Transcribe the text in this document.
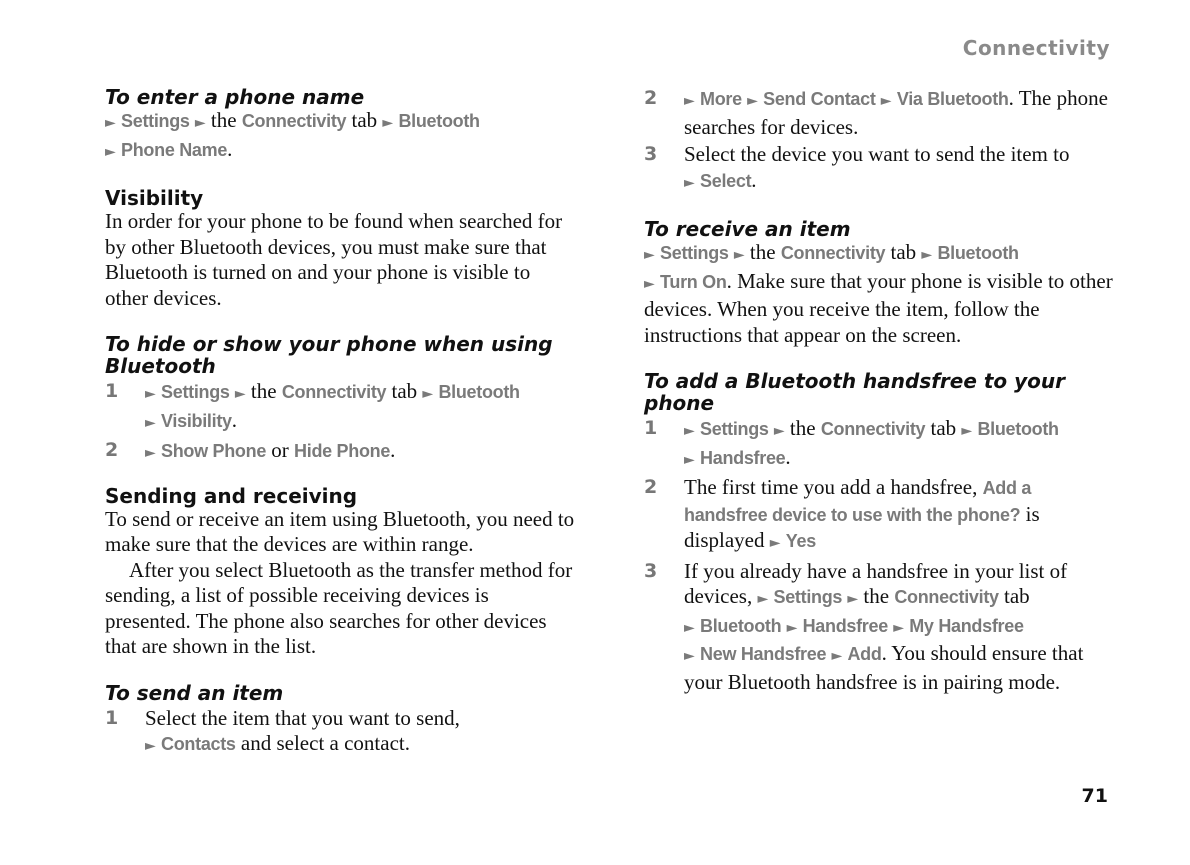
Connectivity
To enter a phone name

► Settings ► the Connectivity tab ► Bluetooth
► Phone Name.

Visibility

In order for your phone to be found when searched for by other Bluetooth devices, you must make sure that Bluetooth is turned on and your phone is visible to other devices.

To hide or show your phone when using Bluetooth
1	► Settings ► the Connectivity tab ► Bluetooth
► Visibility.
2	► Show Phone or Hide Phone.
Sending and receiving

To send or receive an item using Bluetooth, you need to make sure that the devices are within range.

After you select Bluetooth as the transfer method for sending, a list of possible receiving devices is presented. The phone also searches for other devices that are shown in the list.

To send an item
1	Select the item that you want to send,
► Contacts and select a contact.
2	► More ► Send Contact ► Via Bluetooth. The phone searches for devices.
3	Select the device you want to send the item to
► Select.
To receive an item

► Settings ► the Connectivity tab ► Bluetooth
► Turn On. Make sure that your phone is visible to other devices. When you receive the item, follow the instructions that appear on the screen.

To add a Bluetooth handsfree to your phone
1	► Settings ► the Connectivity tab ► Bluetooth
► Handsfree.
2	The first time you add a handsfree, Add a handsfree device to use with the phone? is displayed ► Yes
3	If you already have a handsfree in your list of devices, ► Settings ► the Connectivity tab
► Bluetooth ► Handsfree ► My Handsfree
► New Handsfree ► Add. You should ensure that your Bluetooth handsfree is in pairing mode.
71
